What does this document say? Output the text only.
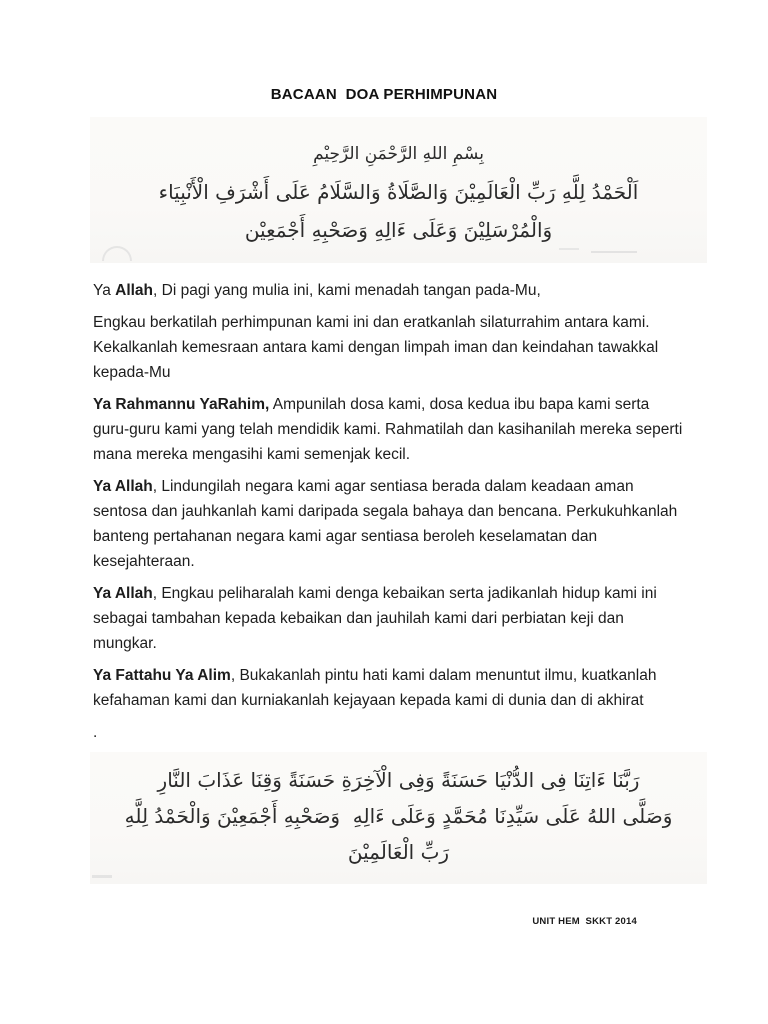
BACAAN  DOA PERHIMPUNAN
بِسْمِ اللهِ الرَّحْمَنِ الرَّحِيْمِ
اَلْحَمْدُ لِلَّهِ رَبِّ الْعَالَمِيْنَ وَالصَّلَاةُ وَالسَّلَامُ عَلَى أَشْرَفِ الْأَنْبِيَاء
وَالْمُرْسَلِيْنَ وَعَلَى ءَالِهِ وَصَحْبِهِ أَجْمَعِيْن

Ya Allah, Di pagi yang mulia ini, kami menadah tangan pada-Mu,

Engkau berkatilah perhimpunan kami ini dan eratkanlah silaturrahim antara kami. Kekalkanlah kemesraan antara kami dengan limpah iman dan keindahan tawakkal  kepada-Mu

Ya Rahmannu YaRahim, Ampunilah dosa kami, dosa kedua ibu bapa kami serta guru-guru kami yang telah mendidik kami. Rahmatilah dan kasihanilah mereka seperti mana mereka mengasihi kami semenjak kecil.

Ya Allah, Lindungilah negara kami agar sentiasa berada dalam keadaan aman sentosa dan jauhkanlah kami daripada segala bahaya dan bencana. Perkukuhkanlah banteng pertahanan negara kami agar sentiasa beroleh keselamatan dan kesejahteraan.

Ya Allah, Engkau peliharalah kami denga kebaikan serta jadikanlah hidup kami ini sebagai tambahan kepada kebaikan dan jauhilah kami dari perbiatan keji dan mungkar.

Ya Fattahu Ya Alim, Bukakanlah pintu hati kami dalam menuntut ilmu, kuatkanlah kefahaman kami dan kurniakanlah kejayaan kepada kami di dunia dan di akhirat

.

رَبَّنَا ءَاتِنَا فِى الدُّنْيَا حَسَنَةً وَفِى الْآخِرَةِ حَسَنَةً وَقِنَا عَذَابَ النَّارِ
وَصَلَّى اللهُ عَلَى سَيِّدِنَا مُحَمَّدٍ وَعَلَى ءَالِهِ  وَصَحْبِهِ أَجْمَعِيْنَ وَالْحَمْدُ لِلَّهِ
رَبِّ الْعَالَمِيْنَ
UNIT HEM  SKKT 2014
